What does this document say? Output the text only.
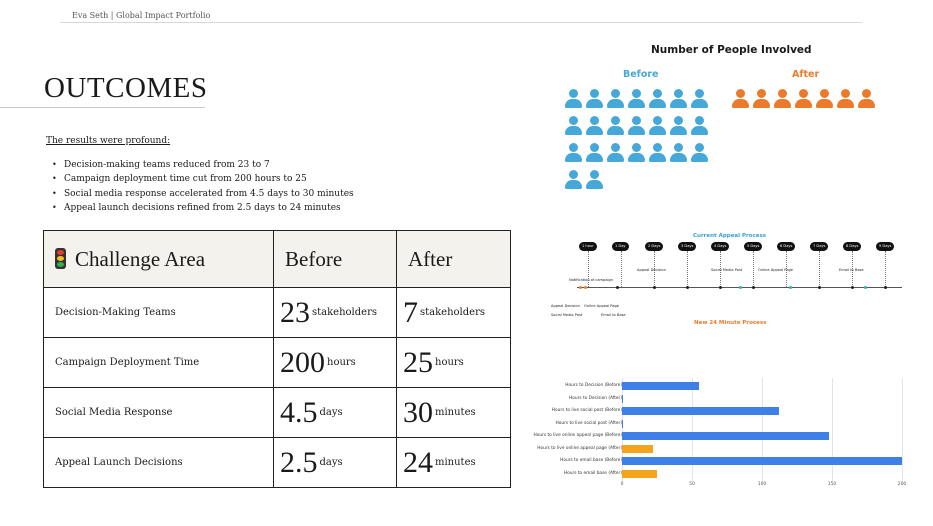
Eva Seth | Global Impact Portfolio
OUTCOMES
The results were profound:
• Decision-making teams reduced from 23 to 7
• Campaign deployment time cut from 200 hours to 25
• Social media response accelerated from 4.5 days to 30 minutes
• Appeal launch decisions refined from 2.5 days to 24 minutes
Challenge Area	Before	After
Decision-Making Teams	23 stakeholders	7 stakeholders
Campaign Deployment Time	200 hours	25 hours
Social Media Response	4.5 days	30 minutes
Appeal Launch Decisions	2.5 days	24 minutes
Number of People Involved
Before	After
Current Appeal Process
1 hour	1 Day	2 Days	3 Days	4 Days	5 Days	6 Days	7 Days	8 Days	9 Days
Notification of campaign
Appeal Decision	Social Media Post	Online Appeal Page	Email to Base
Appeal Decision Online Appeal Page
Social Media Post	Email to Base
New 24 Minute Process
0	50	100	150	200
Hours to Decision (Before)
Hours to Decision (After)
Hours to live social post (Before)
Hours to live social post (After)
Hours to live online appeal page (Before)
Hours to live online appeal page (After)
Hours to email base (Before)
Hours to email base (After)
